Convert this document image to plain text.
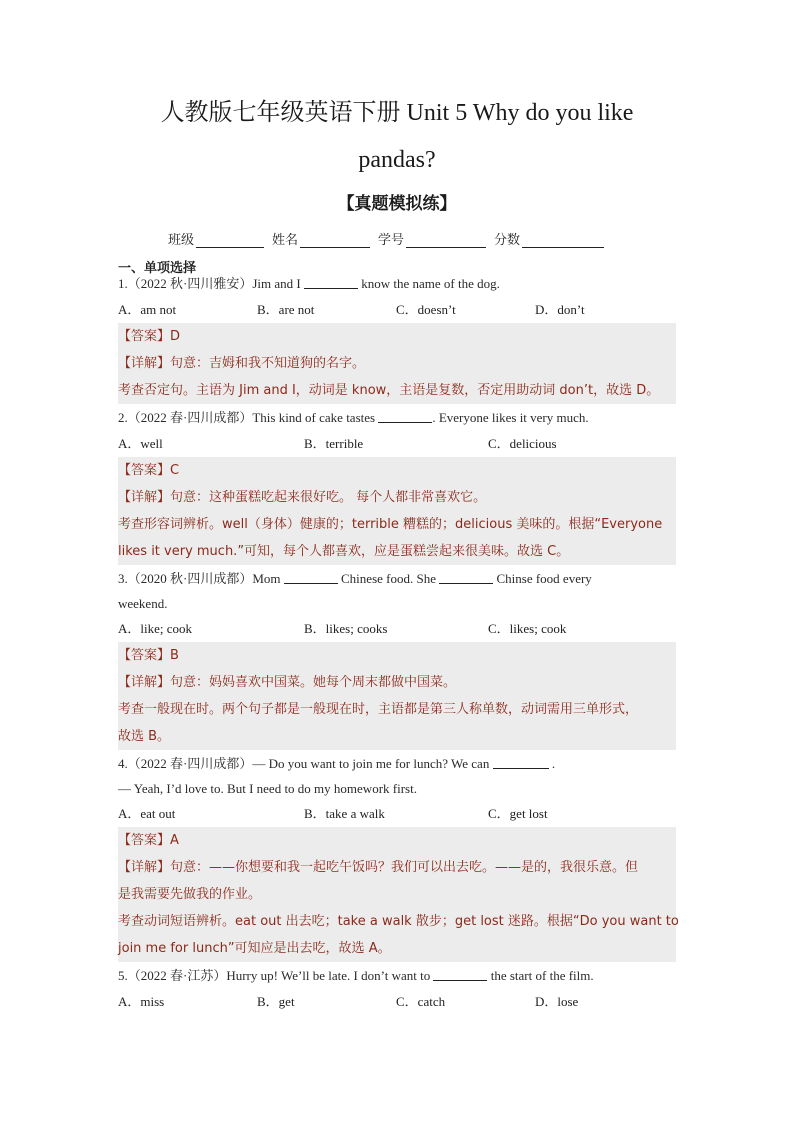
人教版七年级英语下册 Unit 5 Why do you like
pandas?
【真题模拟练】
班级	姓名	学号	分数
一、单项选择
1.（2022 秋·四川雅安）Jim and I	know the name of the dog.
A．am not	B．are not	C．doesn’t	D．don’t
【答案】D
【详解】句意：吉姆和我不知道狗的名字。
考查否定句。主语为 Jim and I，动词是 know，主语是复数，否定用助动词 don’t，故选 D。
2.（2022 春·四川成都）This kind of cake tastes	. Everyone likes it very much.
A．well	B．terrible	C．delicious
【答案】C
【详解】句意：这种蛋糕吃起来很好吃。 每个人都非常喜欢它。
考查形容词辨析。well（身体）健康的；terrible 糟糕的；delicious 美味的。根据“Everyone
likes it very much.”可知，每个人都喜欢，应是蛋糕尝起来很美味。故选 C。
3.（2020 秋·四川成都）Mom	Chinese food. She	Chinse food every
weekend.
A．like; cook	B．likes; cooks	C．likes; cook
【答案】B
【详解】句意：妈妈喜欢中国菜。她每个周末都做中国菜。
考查一般现在时。两个句子都是一般现在时，主语都是第三人称单数，动词需用三单形式，
故选 B。
4.（2022 春·四川成都）— Do you want to join me for lunch? We can	.
— Yeah, I’d love to. But I need to do my homework first.
A．eat out	B．take a walk	C．get lost
【答案】A
【详解】句意：——你想要和我一起吃午饭吗？我们可以出去吃。——是的，我很乐意。但
是我需要先做我的作业。
考查动词短语辨析。eat out 出去吃；take a walk 散步；get lost 迷路。根据“Do you want to
join me for lunch”可知应是出去吃，故选 A。
5.（2022 春·江苏）Hurry up! We’ll be late. I don’t want to	the start of the film.
A．miss	B．get	C．catch	D．lose
